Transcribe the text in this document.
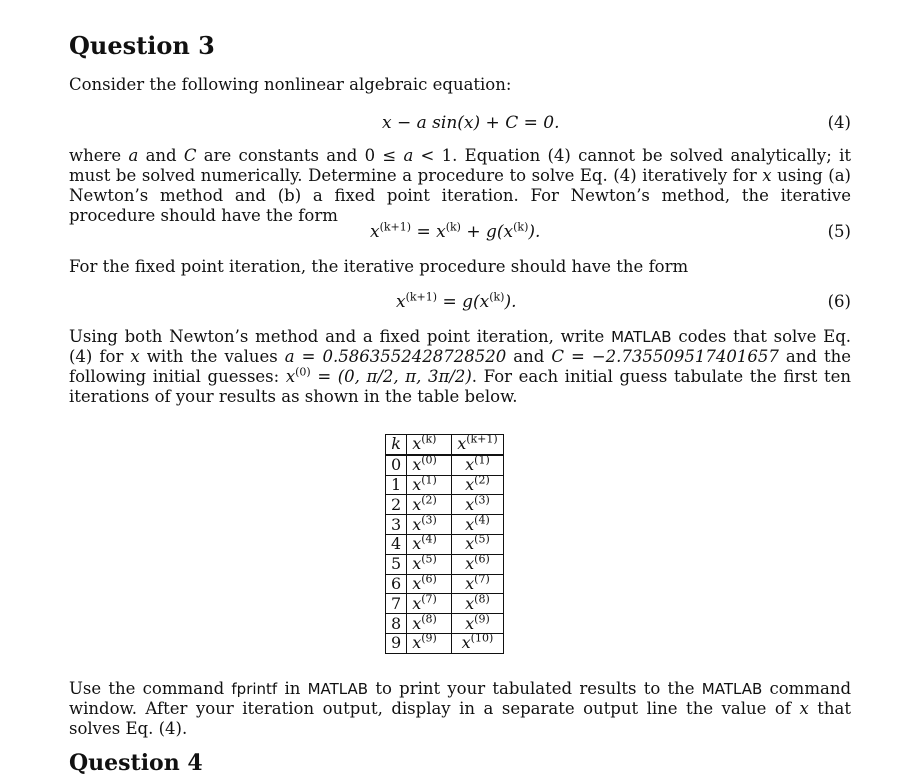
Question 3
Consider the following nonlinear algebraic equation:
x − a sin(x) + C = 0.	(4)
where a and C are constants and 0 ≤ a < 1. Equation (4) cannot be solved analytically; it must be solved numerically. Determine a procedure to solve Eq. (4) iteratively for x using (a) Newton’s method and (b) a fixed point iteration. For Newton’s method, the iterative procedure should have the form
$x^{(k+1)} = x^{(k)} + g(x^{(k)})$.	(5)
For the fixed point iteration, the iterative procedure should have the form
$x^{(k+1)} = g(x^{(k)})$.	(6)
Using both Newton’s method and a fixed point iteration, write MATLAB codes that solve Eq. (4) for x with the values a = 0.5863552428728520 and C = −2.735509517401657 and the following initial guesses: $x^{(0)} = (0$, π/2, π, 3π/2). For each initial guess tabulate the first ten iterations of your results as shown in the table below.
k	$x^{(k)}$	$x^{(k+1)}$
0	$x^{(0)}$	$x^{(1)}$
1	$x^{(1)}$	$x^{(2)}$
2	$x^{(2)}$	$x^{(3)}$
3	$x^{(3)}$	$x^{(4)}$
4	$x^{(4)}$	$x^{(5)}$
5	$x^{(5)}$	$x^{(6)}$
6	$x^{(6)}$	$x^{(7)}$
7	$x^{(7)}$	$x^{(8)}$
8	$x^{(8)}$	$x^{(9)}$
9	$x^{(9)}$	$x^{(10)}$
Use the command fprintf in MATLAB to print your tabulated results to the MATLAB command window. After your iteration output, display in a separate output line the value of x that solves Eq. (4).
Question 4
